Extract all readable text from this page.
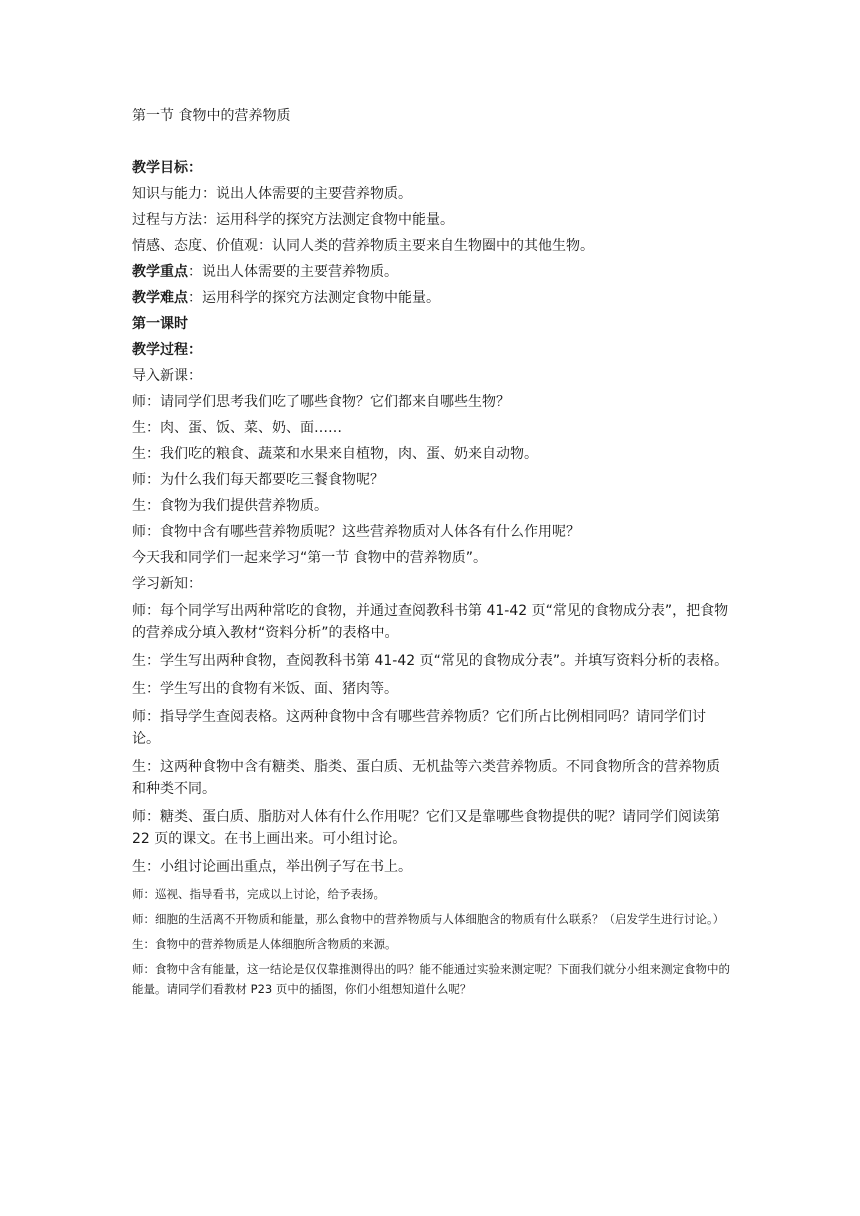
第一节 食物中的营养物质

教学目标：

知识与能力：说出人体需要的主要营养物质。

过程与方法：运用科学的探究方法测定食物中能量。

情感、态度、价值观：认同人类的营养物质主要来自生物圈中的其他生物。

教学重点：说出人体需要的主要营养物质。

教学难点：运用科学的探究方法测定食物中能量。

第一课时

教学过程：

导入新课：

师：请同学们思考我们吃了哪些食物？它们都来自哪些生物？

生：肉、蛋、饭、菜、奶、面……

生：我们吃的粮食、蔬菜和水果来自植物，肉、蛋、奶来自动物。

师：为什么我们每天都要吃三餐食物呢？

生：食物为我们提供营养物质。

师：食物中含有哪些营养物质呢？这些营养物质对人体各有什么作用呢？

今天我和同学们一起来学习“第一节 食物中的营养物质”。

学习新知：

师：每个同学写出两种常吃的食物，并通过查阅教科书第 41-42 页“常见的食物成分表”，把食物的营养成分填入教材“资料分析”的表格中。

生：学生写出两种食物，查阅教科书第 41-42 页“常见的食物成分表”。并填写资料分析的表格。

生：学生写出的食物有米饭、面、猪肉等。

师：指导学生查阅表格。这两种食物中含有哪些营养物质？它们所占比例相同吗？请同学们讨论。

生：这两种食物中含有糖类、脂类、蛋白质、无机盐等六类营养物质。不同食物所含的营养物质和种类不同。

师：糖类、蛋白质、脂肪对人体有什么作用呢？它们又是靠哪些食物提供的呢？请同学们阅读第 22 页的课文。在书上画出来。可小组讨论。

生：小组讨论画出重点，举出例子写在书上。

师：巡视、指导看书，完成以上讨论，给予表扬。

师：细胞的生活离不开物质和能量，那么食物中的营养物质与人体细胞含的物质有什么联系？（启发学生进行讨论。）

生：食物中的营养物质是人体细胞所含物质的来源。

师：食物中含有能量，这一结论是仅仅靠推测得出的吗？能不能通过实验来测定呢？下面我们就分小组来测定食物中的能量。请同学们看教材 P23 页中的插图，你们小组想知道什么呢？
